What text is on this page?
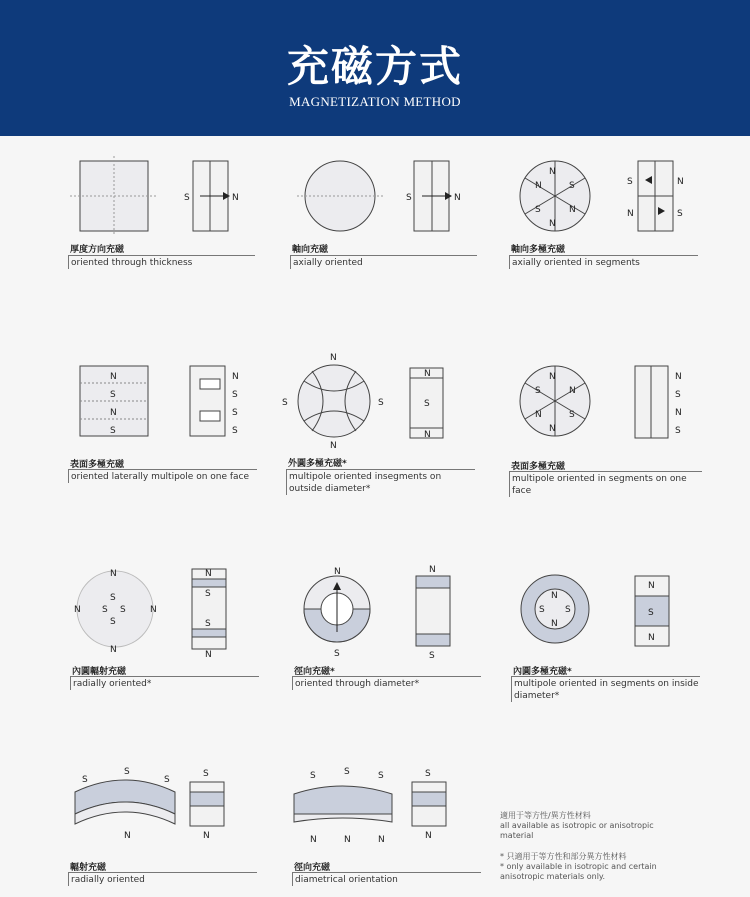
充磁方式
MAGNETIZATION METHOD
S	N
厚度方向充磁
oriented through thickness
S	N
軸向充磁
axially oriented
N
N	S
S	N
N
S	N
N	S
軸向多極充磁
axially oriented in segments
N
S
N
S
N
S
S
S
表面多極充磁
oriented laterally multipole on one face
N
S	S
N
N
S
N
外圓多極充磁*
multipole oriented insegments on outside diameter*
N
S	N
N	S
N
N
S
N
S
表面多極充磁
multipole oriented in segments on one face
N
N	N
N
S
S S
S
N
S
S
N
內圓輻射充磁
radially oriented*
N
S
N
S
徑向充磁*
oriented through diameter*
N
S S
N
N
S
N
內圓多極充磁*
multipole oriented in segments on inside diameter*
S
S
S
N
S
N
輻射充磁
radially oriented
S	S	S
N	N	N
S
N
徑向充磁
diametrical orientation
適用于等方性/異方性材料
all available as isotropic or anisotropic material
* 只適用于等方性和部分異方性材料
* only available in isotropic and certain anisotropic materials only.
